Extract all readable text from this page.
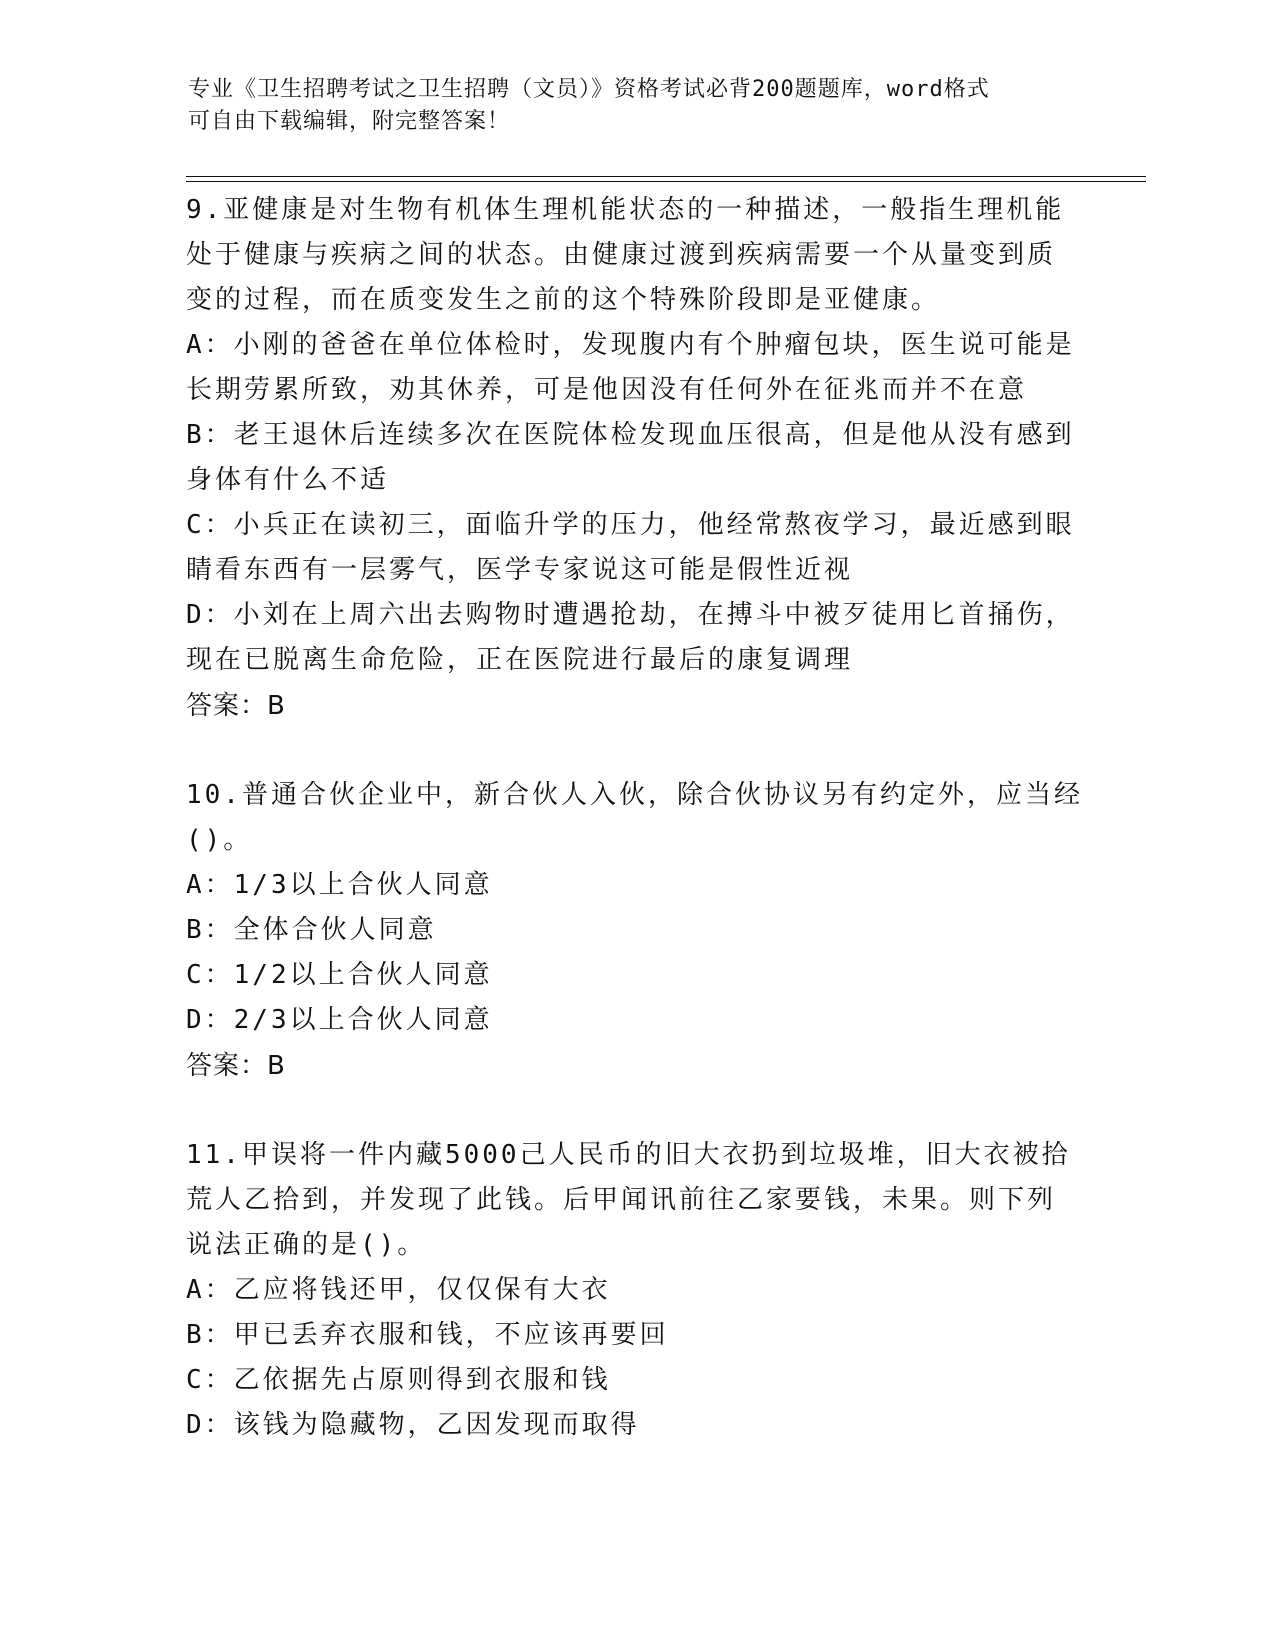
专业《卫生招聘考试之卫生招聘（文员）》资格考试必背200题题库，word格式
可自由下载编辑，附完整答案！
9.亚健康是对生物有机体生理机能状态的一种描述，一般指生理机能
处于健康与疾病之间的状态。由健康过渡到疾病需要一个从量变到质
变的过程，而在质变发生之前的这个特殊阶段即是亚健康。
A：小刚的爸爸在单位体检时，发现腹内有个肿瘤包块，医生说可能是
长期劳累所致，劝其休养，可是他因没有任何外在征兆而并不在意
B：老王退休后连续多次在医院体检发现血压很高，但是他从没有感到
身体有什么不适
C：小兵正在读初三，面临升学的压力，他经常熬夜学习，最近感到眼
睛看东西有一层雾气，医学专家说这可能是假性近视
D：小刘在上周六出去购物时遭遇抢劫，在搏斗中被歹徒用匕首捅伤，
现在已脱离生命危险，正在医院进行最后的康复调理
答案：B
10.普通合伙企业中，新合伙人入伙，除合伙协议另有约定外，应当经
()。
A：1/3以上合伙人同意
B：全体合伙人同意
C：1/2以上合伙人同意
D：2/3以上合伙人同意
答案：B
11.甲误将一件内藏5000己人民币的旧大衣扔到垃圾堆，旧大衣被拾
荒人乙拾到，并发现了此钱。后甲闻讯前往乙家要钱，未果。则下列
说法正确的是()。
A：乙应将钱还甲，仅仅保有大衣
B：甲已丢弃衣服和钱，不应该再要回
C：乙依据先占原则得到衣服和钱
D：该钱为隐藏物，乙因发现而取得
